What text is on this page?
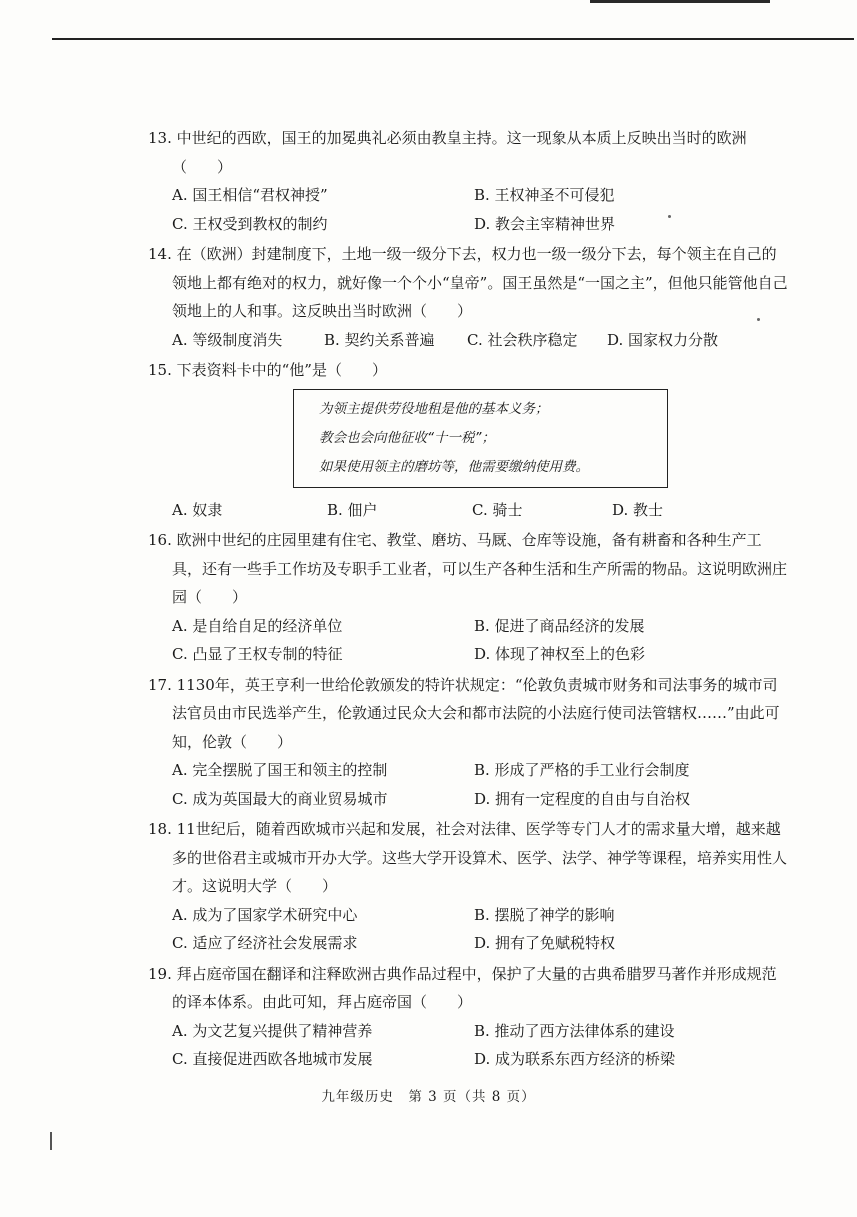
13. 中世纪的西欧，国王的加冕典礼必须由教皇主持。这一现象从本质上反映出当时的欧洲

（　　）

A. 国王相信“君权神授”	B. 王权神圣不可侵犯
C. 王权受到教权的制约	D. 教会主宰精神世界

14. 在（欧洲）封建制度下，土地一级一级分下去，权力也一级一级分下去，每个领主在自己的领地上都有绝对的权力，就好像一个个小“皇帝”。国王虽然是“一国之主”，但他只能管他自己领地上的人和事。这反映出当时欧洲（　　）

A. 等级制度消失	B. 契约关系普遍	C. 社会秩序稳定	D. 国家权力分散

15. 下表资料卡中的“他”是（　　）

为领主提供劳役地租是他的基本义务；
教会也会向他征收“十一税”；
如果使用领主的磨坊等，他需要缴纳使用费。
A. 奴隶	B. 佃户	C. 骑士	D. 教士

16. 欧洲中世纪的庄园里建有住宅、教堂、磨坊、马厩、仓库等设施，备有耕畜和各种生产工具，还有一些手工作坊及专职手工业者，可以生产各种生活和生产所需的物品。这说明欧洲庄园（　　）

A. 是自给自足的经济单位	B. 促进了商品经济的发展
C. 凸显了王权专制的特征	D. 体现了神权至上的色彩

17. 1130年，英王亨利一世给伦敦颁发的特许状规定：“伦敦负责城市财务和司法事务的城市司法官员由市民选举产生，伦敦通过民众大会和都市法院的小法庭行使司法管辖权……”由此可知，伦敦（　　）

A. 完全摆脱了国王和领主的控制	B. 形成了严格的手工业行会制度
C. 成为英国最大的商业贸易城市	D. 拥有一定程度的自由与自治权

18. 11世纪后，随着西欧城市兴起和发展，社会对法律、医学等专门人才的需求量大增，越来越多的世俗君主或城市开办大学。这些大学开设算术、医学、法学、神学等课程，培养实用性人才。这说明大学（　　）

A. 成为了国家学术研究中心	B. 摆脱了神学的影响
C. 适应了经济社会发展需求	D. 拥有了免赋税特权

19. 拜占庭帝国在翻译和注释欧洲古典作品过程中，保护了大量的古典希腊罗马著作并形成规范的译本体系。由此可知，拜占庭帝国（　　）

A. 为文艺复兴提供了精神营养	B. 推动了西方法律体系的建设
C. 直接促进西欧各地城市发展	D. 成为联系东西方经济的桥梁
九年级历史　第 3 页（共 8 页）
